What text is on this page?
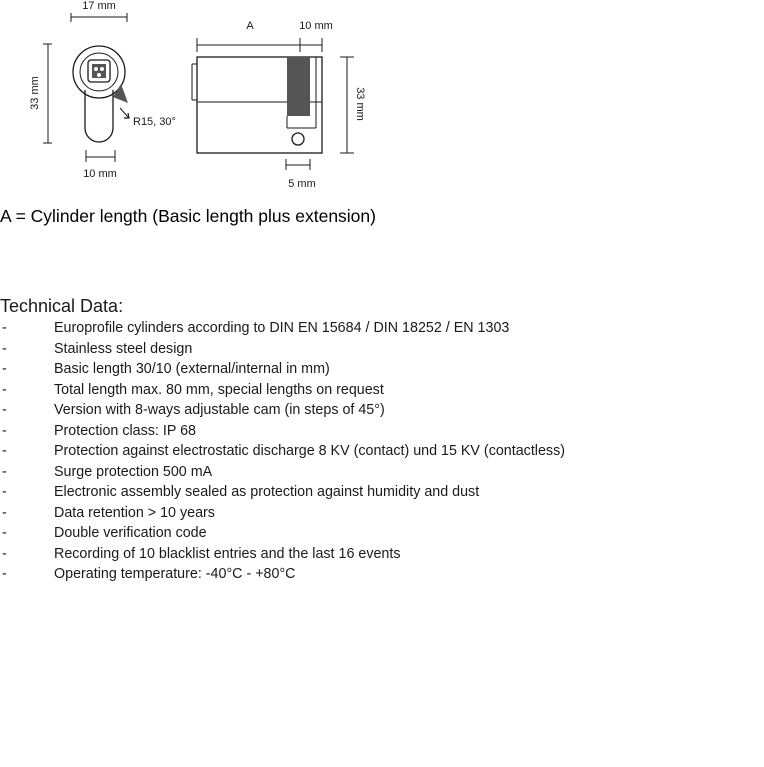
17 mm
33 mm
10 mm
R15, 30°
A	10 mm
33 mm
5 mm
A = Cylinder length (Basic length plus extension)
Technical Data:
-	Europrofile cylinders according to DIN EN 15684 / DIN 18252 / EN 1303
-	Stainless steel design
-	Basic length 30/10 (external/internal in mm)
-	Total length max. 80 mm, special lengths on request
-	Version with 8-ways adjustable cam (in steps of 45°)
-	Protection class: IP 68
-	Protection against electrostatic discharge 8 KV (contact) und 15 KV (contactless)
-	Surge protection 500 mA
-	Electronic assembly sealed as protection against humidity and dust
-	Data retention > 10 years
-	Double verification code
-	Recording of 10 blacklist entries and the last 16 events
-	Operating temperature: -40°C - +80°C
